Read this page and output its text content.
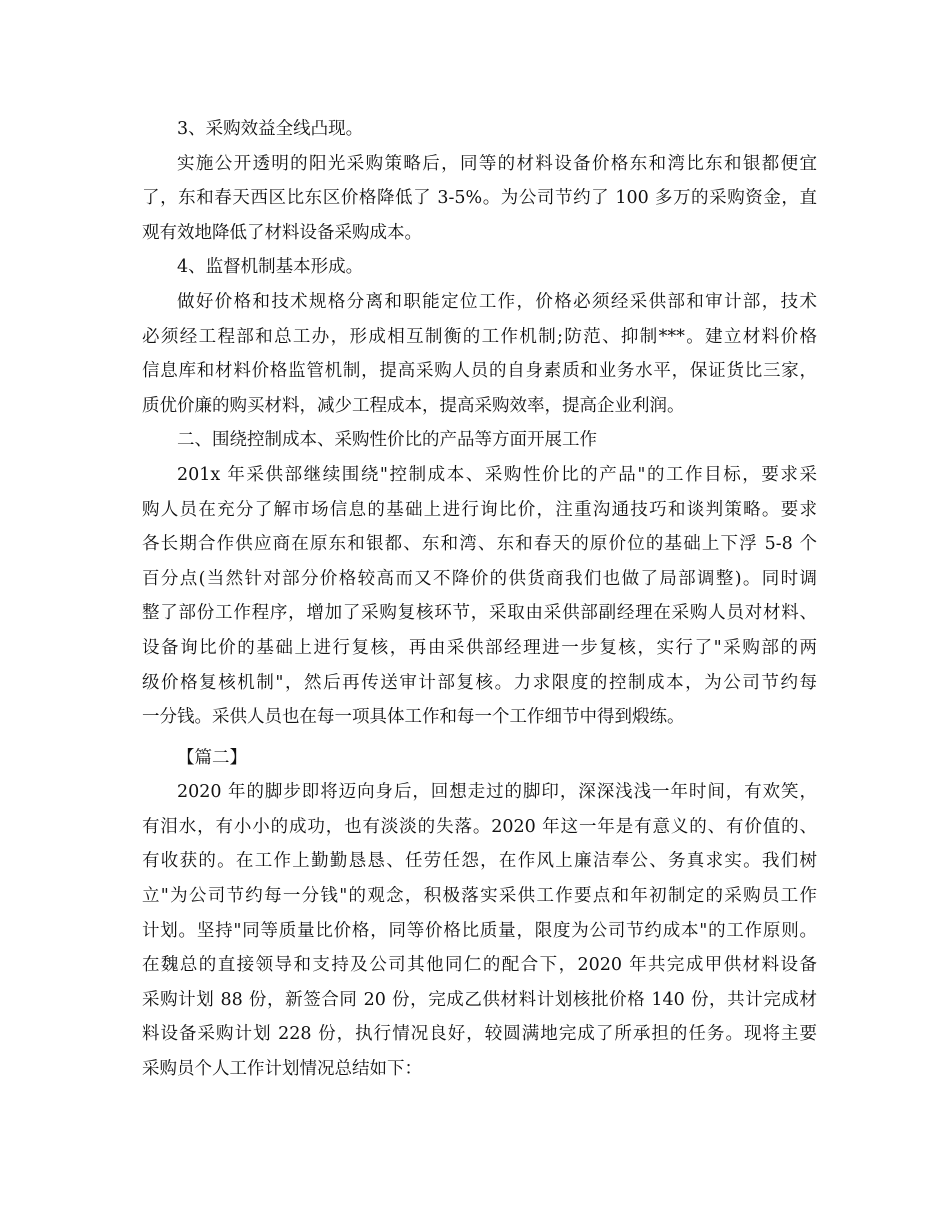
3、采购效益全线凸现。
实施公开透明的阳光采购策略后，同等的材料设备价格东和湾比东和银都便宜
了，东和春天西区比东区价格降低了 3-5%。为公司节约了 100 多万的采购资金，直
观有效地降低了材料设备采购成本。
4、监督机制基本形成。
做好价格和技术规格分离和职能定位工作，价格必须经采供部和审计部，技术
必须经工程部和总工办，形成相互制衡的工作机制;防范、抑制***。建立材料价格
信息库和材料价格监管机制，提高采购人员的自身素质和业务水平，保证货比三家，
质优价廉的购买材料，减少工程成本，提高采购效率，提高企业利润。
二、围绕控制成本、采购性价比的产品等方面开展工作
201x 年采供部继续围绕"控制成本、采购性价比的产品"的工作目标，要求采
购人员在充分了解市场信息的基础上进行询比价，注重沟通技巧和谈判策略。要求
各长期合作供应商在原东和银都、东和湾、东和春天的原价位的基础上下浮 5-8 个
百分点(当然针对部分价格较高而又不降价的供货商我们也做了局部调整)。同时调
整了部份工作程序，增加了采购复核环节，采取由采供部副经理在采购人员对材料、
设备询比价的基础上进行复核，再由采供部经理进一步复核，实行了"采购部的两
级价格复核机制"，然后再传送审计部复核。力求限度的控制成本，为公司节约每
一分钱。采供人员也在每一项具体工作和每一个工作细节中得到煅练。
【篇二】
2020 年的脚步即将迈向身后，回想走过的脚印，深深浅浅一年时间，有欢笑，
有泪水，有小小的成功，也有淡淡的失落。2020 年这一年是有意义的、有价值的、
有收获的。在工作上勤勤恳恳、任劳任怨，在作风上廉洁奉公、务真求实。我们树
立"为公司节约每一分钱"的观念，积极落实采供工作要点和年初制定的采购员工作
计划。坚持"同等质量比价格，同等价格比质量，限度为公司节约成本"的工作原则。
在魏总的直接领导和支持及公司其他同仁的配合下，2020 年共完成甲供材料设备
采购计划 88 份，新签合同 20 份，完成乙供材料计划核批价格 140 份，共计完成材
料设备采购计划 228 份，执行情况良好，较圆满地完成了所承担的任务。现将主要
采购员个人工作计划情况总结如下：
